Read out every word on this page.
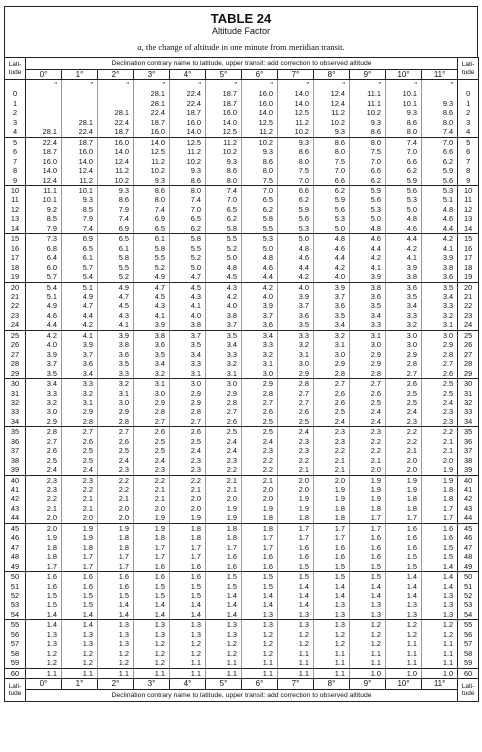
TABLE 24
Altitude Factor
a, the change of altitude in one minute from meridian transit.
Lati-
tude	Declination contrary name to latitude, upper transit: add correction to observed altitude												Lati-
tude
	0°	1°	2°	3°	4°	5°	6°	7°	8°	9°	10°	11°	
	"	"	"	"	"	"	"	"	"	"	"	"	
0				28.1	22.4	18.7	16.0	14.0	12.4	11.1	10.1		0
1				28.1	22.4	18.7	16.0	14.0	12.4	11.1	10.1	9.3	1
2			28.1	22.4	18.7	16.0	14.0	12.5	11.2	10.2	9.3	8.6	2
3		28.1	22.4	18.7	16.0	14.0	12.5	11.2	10.2	9.3	8.6	8.0	3
4	28.1	22.4	18.7	16.0	14.0	12.5	11.2	10.2	9.3	8.6	8.0	7.4	4
5	22.4	18.7	16.0	14.0	12.5	11.2	10.2	9.3	8.6	8.0	7.4	7.0	5
6	18.7	16.0	14.0	12.5	11.2	10.2	9.3	8.6	8.0	7.5	7.0	6.6	6
7	16.0	14.0	12.4	11.2	10.2	9.3	8.6	8.0	7.5	7.0	6.6	6.2	7
8	14.0	12.4	11.2	10.2	9.3	8.6	8.0	7.5	7.0	6.6	6.2	5.9	8
9	12.4	11.2	10.2	9.3	8.6	8.0	7.5	7.0	6.6	6.2	5.9	5.6	9
10	11.1	10.1	9.3	8.6	8.0	7.4	7.0	6.6	6.2	5.9	5.6	5.3	10
11	10.1	9.3	8.6	8.0	7.4	7.0	6.5	6.2	5.9	5.6	5.3	5.1	11
12	9.2	8.5	7.9	7.4	7.0	6.5	6.2	5.9	5.6	5.3	5.0	4.8	12
13	8.5	7.9	7.4	6.9	6.5	6.2	5.8	5.6	5.3	5.0	4.8	4.6	13
14	7.9	7.4	6.9	6.5	6.2	5.8	5.5	5.3	5.0	4.8	4.6	4.4	14
15	7.3	6.9	6.5	6.1	5.8	5.5	5.3	5.0	4.8	4.6	4.4	4.2	15
16	6.8	6.5	6.1	5.8	5.5	5.2	5.0	4.8	4.6	4.4	4.2	4.1	16
17	6.4	6.1	5.8	5.5	5.2	5.0	4.8	4.6	4.4	4.2	4.1	3.9	17
18	6.0	5.7	5.5	5.2	5.0	4.8	4.6	4.4	4.2	4.1	3.9	3.8	18
19	5.7	5.4	5.2	4.9	4.7	4.5	4.4	4.2	4.0	3.9	3.8	3.6	19
20	5.4	5.1	4.9	4.7	4.5	4.3	4.2	4.0	3.9	3.8	3.6	3.5	20
21	5.1	4.9	4.7	4.5	4.3	4.2	4.0	3.9	3.7	3.6	3.5	3.4	21
22	4.9	4.7	4.5	4.3	4.1	4.0	3.9	3.7	3.6	3.5	3.4	3.3	22
23	4.6	4.4	4.3	4.1	4.0	3.8	3.7	3.6	3.5	3.4	3.3	3.2	23
24	4.4	4.2	4.1	3.9	3.8	3.7	3.6	3.5	3.4	3.3	3.2	3.1	24
25	4.2	4.1	3.9	3.8	3.7	3.5	3.4	3.3	3.2	3.1	3.0	3.0	25
26	4.0	3.9	3.8	3.6	3.5	3.4	3.3	3.2	3.1	3.0	3.0	2.9	26
27	3.9	3.7	3.6	3.5	3.4	3.3	3.2	3.1	3.0	2.9	2.9	2.8	27
28	3.7	3.6	3.5	3.4	3.3	3.2	3.1	3.0	2.9	2.9	2.8	2.7	28
29	3.5	3.4	3.3	3.2	3.1	3.1	3.0	2.9	2.8	2.8	2.7	2.6	29
30	3.4	3.3	3.2	3.1	3.0	3.0	2.9	2.8	2.7	2.7	2.6	2.5	30
31	3.3	3.2	3.1	3.0	2.9	2.9	2.8	2.7	2.6	2.6	2.5	2.5	31
32	3.2	3.1	3.0	2.9	2.9	2.8	2.7	2.7	2.6	2.5	2.5	2.4	32
33	3.0	2.9	2.9	2.8	2.8	2.7	2.6	2.6	2.5	2.4	2.4	2.3	33
34	2.9	2.8	2.8	2.7	2.7	2.6	2.5	2.5	2.4	2.4	2.3	2.3	34
35	2.8	2.7	2.7	2.6	2.6	2.5	2.5	2.4	2.3	2.3	2.2	2.2	35
36	2.7	2.6	2.6	2.5	2.5	2.4	2.4	2.3	2.3	2.2	2.2	2.1	36
37	2.6	2.5	2.5	2.5	2.4	2.4	2.3	2.3	2.2	2.2	2.1	2.1	37
38	2.5	2.5	2.4	2.4	2.3	2.3	2.2	2.2	2.1	2.1	2.0	2.0	38
39	2.4	2.4	2.3	2.3	2.3	2.2	2.2	2.1	2.1	2.0	2.0	1.9	39
40	2.3	2.3	2.2	2.2	2.2	2.1	2.1	2.0	2.0	1.9	1.9	1.9	40
41	2.3	2.2	2.2	2.1	2.1	2.1	2.0	2.0	1.9	1.9	1.9	1.8	41
42	2.2	2.1	2.1	2.1	2.0	2.0	2.0	1.9	1.9	1.9	1.8	1.8	42
43	2.1	2.1	2.0	2.0	2.0	1.9	1.9	1.9	1.8	1.8	1.8	1.7	43
44	2.0	2.0	2.0	1.9	1.9	1.9	1.8	1.8	1.8	1.7	1.7	1.7	44
45	2.0	1.9	1.9	1.9	1.8	1.8	1.8	1.7	1.7	1.7	1.6	1.6	45
46	1.9	1.9	1.8	1.8	1.8	1.8	1.7	1.7	1.7	1.6	1.6	1.6	46
47	1.8	1.8	1.8	1.7	1.7	1.7	1.7	1.6	1.6	1.6	1.6	1.5	47
48	1.8	1.7	1.7	1.7	1.7	1.6	1.6	1.6	1.6	1.6	1.5	1.5	48
49	1.7	1.7	1.7	1.6	1.6	1.6	1.6	1.5	1.5	1.5	1.5	1.4	49
50	1.6	1.6	1.6	1.6	1.6	1.5	1.5	1.5	1.5	1.5	1.4	1.4	50
51	1.6	1.6	1.6	1.5	1.5	1.5	1.5	1.4	1.4	1.4	1.4	1.4	51
52	1.5	1.5	1.5	1.5	1.5	1.4	1.4	1.4	1.4	1.4	1.4	1.3	52
53	1.5	1.5	1.4	1.4	1.4	1.4	1.4	1.4	1.3	1.3	1.3	1.3	53
54	1.4	1.4	1.4	1.4	1.4	1.4	1.3	1.3	1.3	1.3	1.3	1.3	54
55	1.4	1.4	1.3	1.3	1.3	1.3	1.3	1.3	1.3	1.2	1.2	1.2	55
56	1.3	1.3	1.3	1.3	1.3	1.3	1.2	1.2	1.2	1.2	1.2	1.2	56
57	1.3	1.3	1.3	1.2	1.2	1.2	1.2	1.2	1.2	1.2	1.1	1.1	57
58	1.2	1.2	1.2	1.2	1.2	1.2	1.2	1.1	1.1	1.1	1.1	1.1	58
59	1.2	1.2	1.2	1.2	1.1	1.1	1.1	1.1	1.1	1.1	1.1	1.1	59
60	1.1	1.1	1.1	1.1	1.1	1.1	1.1	1.1	1.1	1.0	1.0	1.0	60
Lati-
tude	0°	1°	2°	3°	4°	5°	6°	7°	8°	9°	10°	11°	Lati-
tude
	Declination contrary name to latitude, upper transit: add correction to observed altitude												
